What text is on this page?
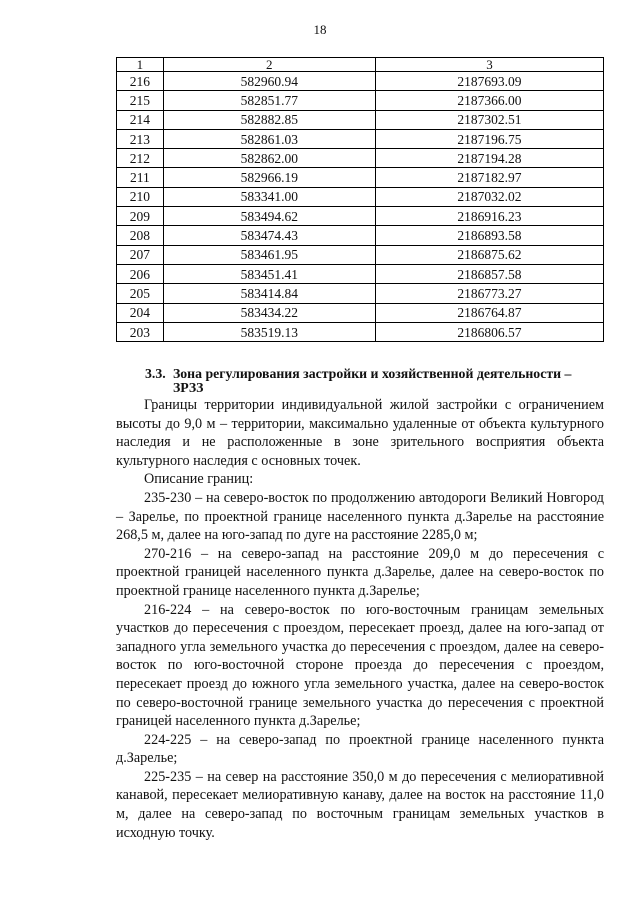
18
1	2	3
216	582960.94	2187693.09
215	582851.77	2187366.00
214	582882.85	2187302.51
213	582861.03	2187196.75
212	582862.00	2187194.28
211	582966.19	2187182.97
210	583341.00	2187032.02
209	583494.62	2186916.23
208	583474.43	2186893.58
207	583461.95	2186875.62
206	583451.41	2186857.58
205	583414.84	2186773.27
204	583434.22	2186764.87
203	583519.13	2186806.57
3.3. Зона регулирования застройки и хозяйственной деятельности –
ЗРЗЗ

Границы территории индивидуальной жилой застройки с ограничением высоты до 9,0 м – территории, максимально удаленные от объекта культурного наследия и не расположенные в зоне зрительного восприятия объекта культурного наследия с основных точек.

Описание границ:

235-230 – на северо-восток по продолжению автодороги Великий Новгород – Зарелье, по проектной границе населенного пункта д.Зарелье на расстояние 268,5 м, далее на юго-запад по дуге на расстояние 2285,0 м;

270-216 – на северо-запад на расстояние 209,0 м до пересечения с проектной границей населенного пункта д.Зарелье, далее на северо-восток по проектной границе населенного пункта д.Зарелье;

216-224 – на северо-восток по юго-восточным границам земельных участков до пересечения с проездом, пересекает проезд, далее на юго-запад от западного угла земельного участка до пересечения с проездом, далее на северо-восток по юго-восточной стороне проезда до пересечения с проездом, пересекает проезд до южного угла земельного участка, далее на северо-восток по северо-восточной границе земельного участка до пересечения с проектной границей населенного пункта д.Зарелье;

224-225 – на северо-запад по проектной границе населенного пункта д.Зарелье;

225-235 – на север на расстояние 350,0 м до пересечения с мелиоративной канавой, пересекает мелиоративную канаву, далее на восток на расстояние 11,0 м, далее на северо-запад по восточным границам земельных участков в исходную точку.
